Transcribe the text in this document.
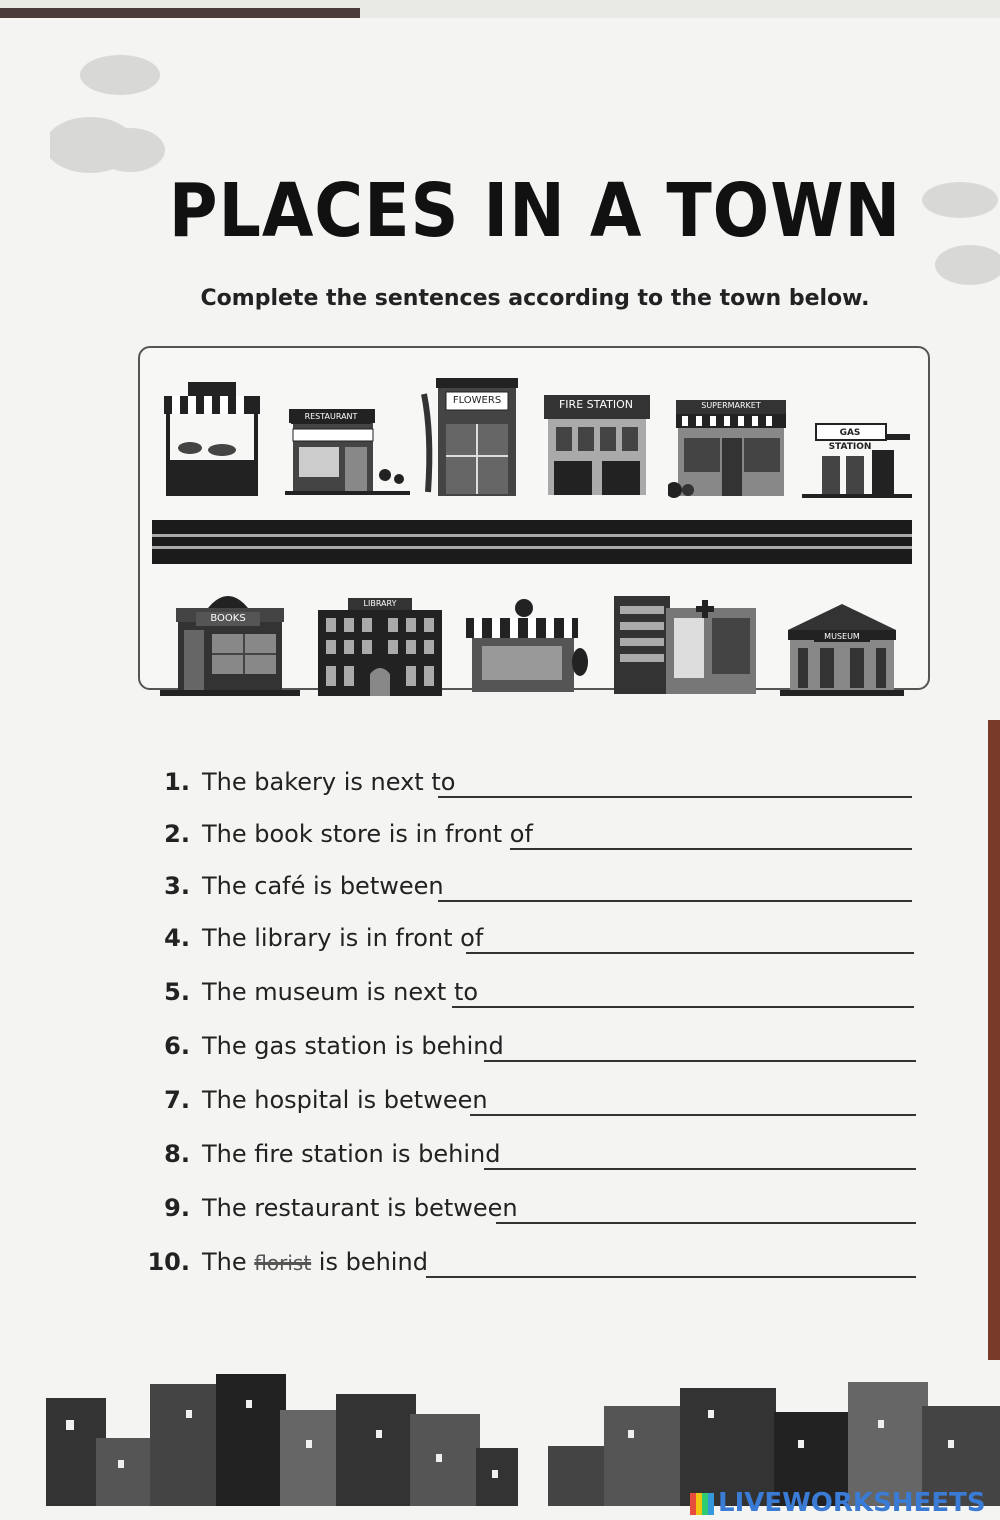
PLACES IN A TOWN
Complete the sentences according to the town below.
RESTAURANT
FLOWERS	FIRE STATION	SUPERMARKET
GAS STATION
BOOKS
LIBRARY
MUSEUM
1. The bakery is next to
2. The book store is in front of
3. The café is between
4. The library is in front of
5. The museum is next to
6. The gas station is behind
7. The hospital is between
8. The fire station is behind
9. The restaurant is between
10. The florist is behind
LIVEWORKSHEETS
